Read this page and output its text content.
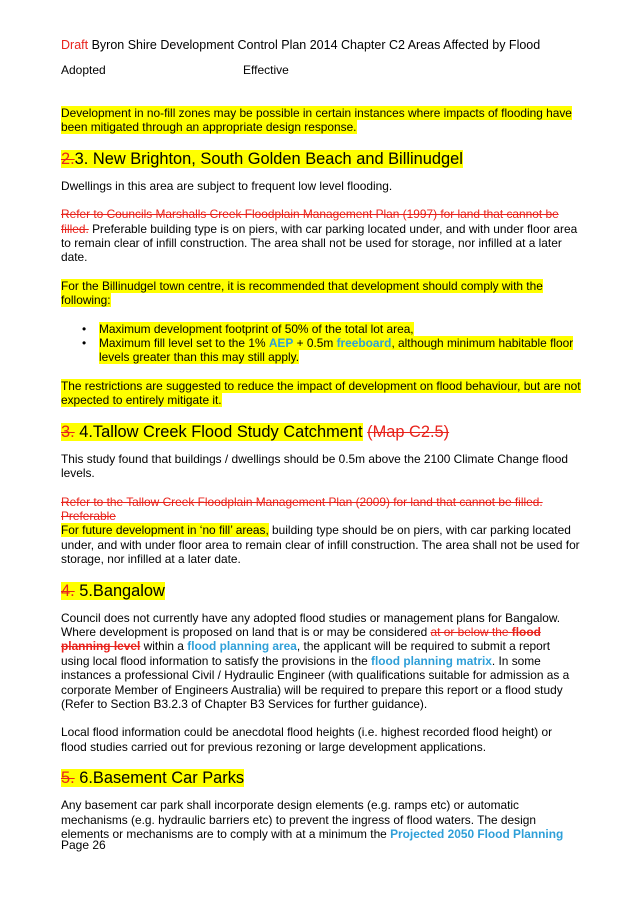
Draft Byron Shire Development Control Plan 2014 Chapter C2 Areas Affected by Flood
Adopted	Effective

Development in no-fill zones may be possible in certain instances where impacts of flooding have been mitigated through an appropriate design response.

2.3. New Brighton, South Golden Beach and Billinudgel

Dwellings in this area are subject to frequent low level flooding.

Refer to Councils Marshalls Creek Floodplain Management Plan (1997) for land that cannot be filled. Preferable building type is on piers, with car parking located under, and with under floor area to remain clear of infill construction. The area shall not be used for storage, nor infilled at a later date.

For the Billinudgel town centre, it is recommended that development should comply with the following:

• Maximum development footprint of 50% of the total lot area,
• Maximum fill level set to the 1% AEP + 0.5m freeboard, although minimum habitable floor levels greater than this may still apply.

The restrictions are suggested to reduce the impact of development on flood behaviour, but are not expected to entirely mitigate it.

3. 4.Tallow Creek Flood Study Catchment (Map C2.5)

This study found that buildings / dwellings should be 0.5m above the 2100 Climate Change flood levels.

Refer to the Tallow Creek Floodplain Management Plan (2009) for land that cannot be filled. Preferable

For future development in ‘no fill’ areas, building type should be on piers, with car parking located under, and with under floor area to remain clear of infill construction. The area shall not be used for storage, nor infilled at a later date.

4. 5.Bangalow

Council does not currently have any adopted flood studies or management plans for Bangalow. Where development is proposed on land that is or may be considered at or below the flood planning level within a flood planning area, the applicant will be required to submit a report using local flood information to satisfy the provisions in the flood planning matrix. In some instances a professional Civil / Hydraulic Engineer (with qualifications suitable for admission as a corporate Member of Engineers Australia) will be required to prepare this report or a flood study (Refer to Section B3.2.3 of Chapter B3 Services for further guidance).

Local flood information could be anecdotal flood heights (i.e. highest recorded flood height) or flood studies carried out for previous rezoning or large development applications.

5. 6.Basement Car Parks

Any basement car park shall incorporate design elements (e.g. ramps etc) or automatic mechanisms (e.g. hydraulic barriers etc) to prevent the ingress of flood waters. The design elements or mechanisms are to comply with at a minimum the Projected 2050 Flood Planning

Page 26
